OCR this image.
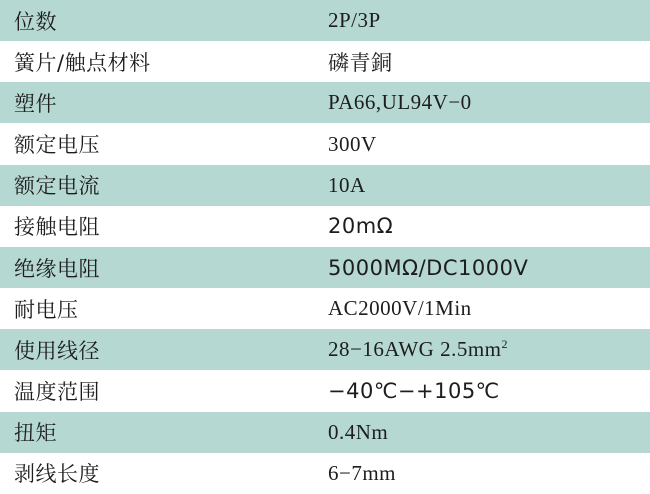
位数	2P/3P
簧片/触点材料	磷青銅
塑件	PA66,UL94V−0
额定电压	300V
额定电流	10A
接触电阻	20mΩ
绝缘电阻	5000MΩ/DC1000V
耐电压	AC2000V/1Min
使用线径	28−16AWG $2.5mm^2$
温度范围	−40℃−+105℃
扭矩	0.4Nm
剥线长度	6−7mm
